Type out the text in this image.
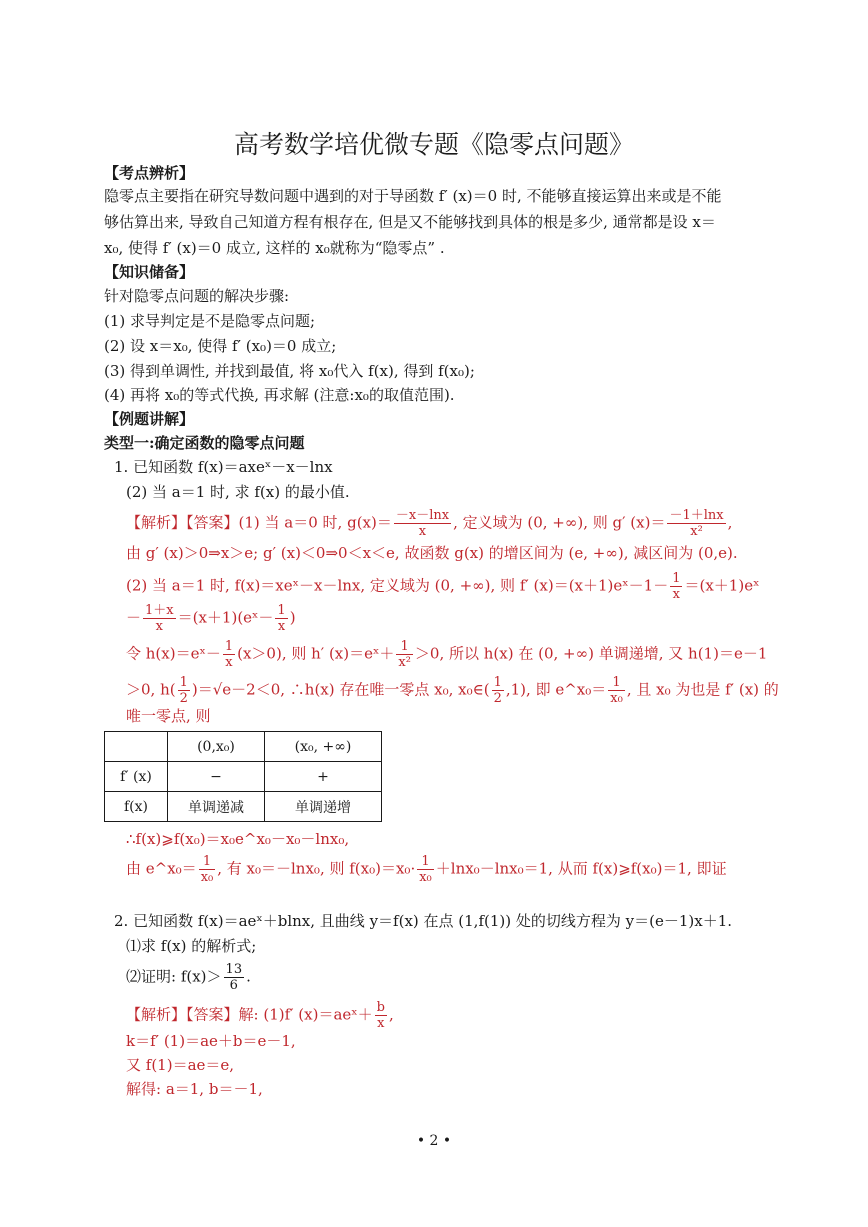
高考数学培优微专题《隐零点问题》
【考点辨析】
隐零点主要指在研究导数问题中遇到的对于导函数 f′ (x)＝0 时, 不能够直接运算出来或是不能
够估算出来, 导致自己知道方程有根存在, 但是又不能够找到具体的根是多少, 通常都是设 x＝
x₀, 使得 f′ (x)＝0 成立, 这样的 x₀就称为“隐零点” .
【知识储备】
针对隐零点问题的解决步骤:
(1) 求导判定是不是隐零点问题;
(2) 设 x＝x₀, 使得 f′ (x₀)＝0 成立;
(3) 得到单调性, 并找到最值, 将 x₀代入 f(x), 得到 f(x₀);
(4) 再将 x₀的等式代换, 再求解 (注意:x₀的取值范围).
【例题讲解】
类型一:确定函数的隐零点问题
1. 已知函数 f(x)＝axeˣ－x－lnx
(2) 当 a＝1 时, 求 f(x) 的最小值.
【解析】【答案】(1) 当 a＝0 时, $g(x)= \frac{-x-\ln x}{x}$ , 定义域为 (0, +∞), 则 g′ $(x)= \frac{-1+\ln x}{\text{x²}}$ ,
由 g′ (x)＞0⇒x＞e; g′ (x)＜0⇒0＜x＜e, 故函数 g(x) 的增区间为 (e, +∞), 减区间为 (0,e).
(2) 当 a＝1 时, f(x)＝xeˣ－x－lnx, 定义域为 (0, +∞), 则 f′ (x)＝(x＋1)eˣ－1－ $\frac{1}{x}$ ＝(x＋1)eˣ
－ $\frac{1+x}{x}$ ＝(x＋1)(eˣ－ $\frac{1}{x}$ )
令 h(x)＝eˣ－ $\frac{1}{x} (x>0)$, 则 h′ (x)＝eˣ＋ $\frac{1}{\text{x²}} >0$, 所以 h(x) 在 (0, +∞) 单调递增, 又 h(1)＝e－1
＞0, $h( \frac{1}{2} )=√e-2<0$, ∴h(x) 存在唯一零点 x₀, x₀∈( $\frac{1}{2} ,1$), 即 e^x₀＝ $\frac{1}{\text{x₀}}$ , 且 x₀ 为也是 f′ (x) 的
唯一零点, 则
	(0,x₀)	(x₀, +∞)
f′ (x)	−	+
f(x)	单调递减	单调递增
∴f(x)⩾f(x₀)＝x₀e^x₀－x₀－lnx₀,
由 e^x₀＝ $\frac{1}{\text{x₀}}$ , 有 x₀＝－lnx₀, 则 $f(x_0)=x_0\cdot \frac{1}{\text{x₀}} +\ln x_0-\ln x_0=1$, 从而 f(x)⩾f(x₀)＝1, 即证
2. 已知函数 f(x)＝aeˣ＋blnx, 且曲线 y＝f(x) 在点 (1,f(1)) 处的切线方程为 y＝(e－1)x＋1.
⑴求 f(x) 的解析式;
⑵证明: $f(x)> \frac{13}{6}$ .
【解析】【答案】解: (1)f′ (x)＝aeˣ＋ $\frac{b}{x}$ ,
k＝f′ (1)＝ae＋b＝e－1,
又 f(1)＝ae＝e,
解得: a＝1, b＝－1,
• 2 •
